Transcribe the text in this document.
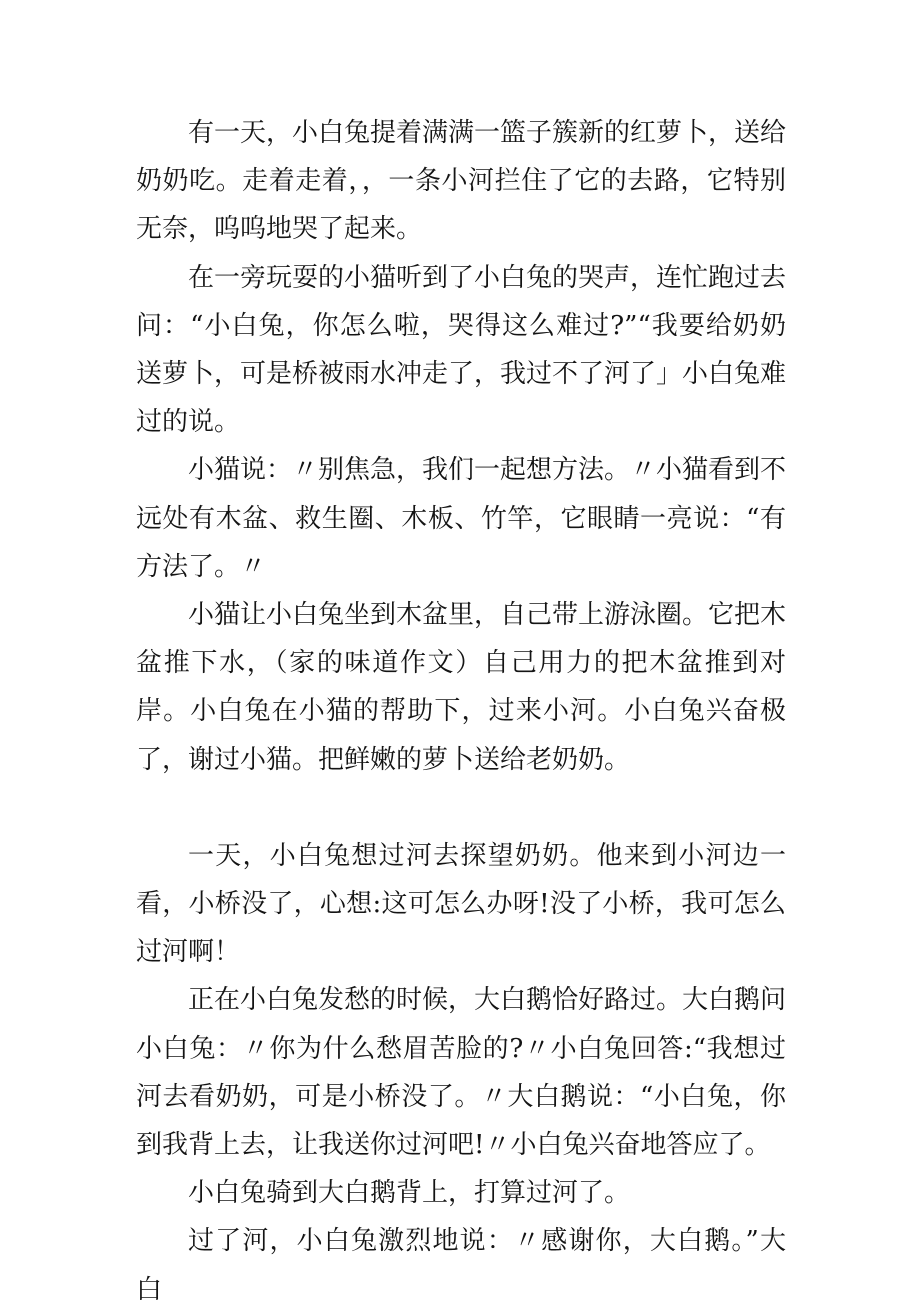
有一天，小白兔提着满满一篮子簇新的红萝卜，送给奶奶吃。走着走着，，一条小河拦住了它的去路，它特别无奈，呜呜地哭了起来。

在一旁玩耍的小猫听到了小白兔的哭声，连忙跑过去问：“小白兔，你怎么啦，哭得这么难过?”“我要给奶奶送萝卜，可是桥被雨水冲走了，我过不了河了」小白兔难过的说。

小猫说：〃别焦急，我们一起想方法。〃小猫看到不远处有木盆、救生圈、木板、竹竿，它眼睛一亮说：“有方法了。〃

小猫让小白兔坐到木盆里，自己带上游泳圈。它把木盆推下水，（家的味道作文）自己用力的把木盆推到对岸。小白兔在小猫的帮助下，过来小河。小白兔兴奋极了，谢过小猫。把鲜嫩的萝卜送给老奶奶。

一天，小白兔想过河去探望奶奶。他来到小河边一看，小桥没了，心想:这可怎么办呀!没了小桥，我可怎么过河啊！

正在小白兔发愁的时候，大白鹅恰好路过。大白鹅问小白兔：〃你为什么愁眉苦脸的?〃小白兔回答:“我想过河去看奶奶，可是小桥没了。〃大白鹅说：“小白兔，你到我背上去，让我送你过河吧!〃小白兔兴奋地答应了。

小白兔骑到大白鹅背上，打算过河了。

过了河，小白兔激烈地说：〃感谢你，大白鹅。”大白
